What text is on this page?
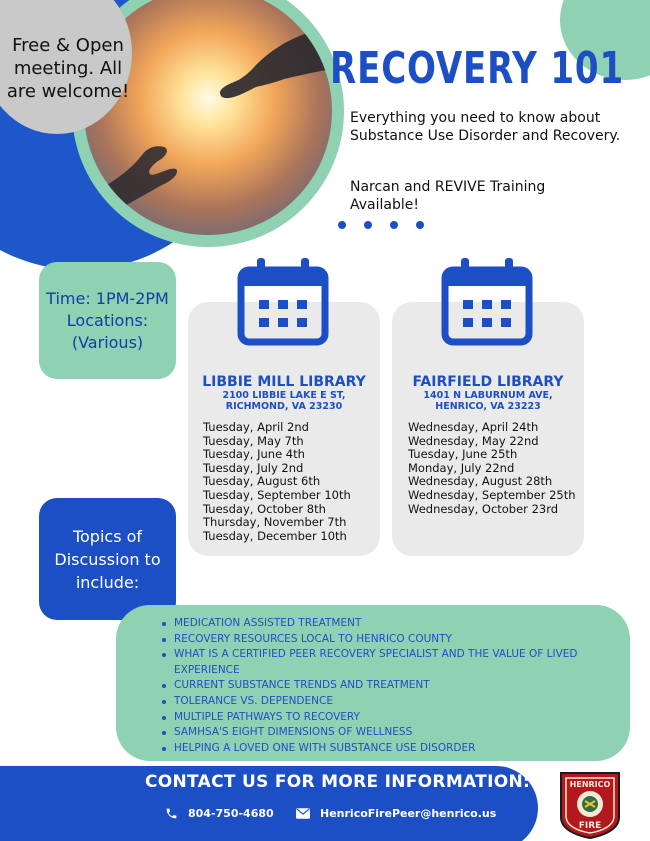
Free & Open meeting. All are welcome!	RECOVERY 101

Everything you need to know about Substance Use Disorder and Recovery.

Narcan and REVIVE Training Available!

Time: 1PM-2PM
Locations:
(Various)
LIBBIE MILL LIBRARY
2100 LIBBIE LAKE E ST,
RICHMOND, VA 23230
Tuesday, April 2nd
Tuesday, May 7th
Tuesday, June 4th
Tuesday, July 2nd
Tuesday, August 6th
Tuesday, September 10th
Tuesday, October 8th
Thursday, November 7th
Tuesday, December 10th
FAIRFIELD LIBRARY
1401 N LABURNUM AVE,
HENRICO, VA 23223
Wednesday, April 24th
Wednesday, May 22nd
Tuesday, June 25th
Monday, July 22nd
Wednesday, August 28th
Wednesday, September 25th
Wednesday, October 23rd
Topics of Discussion to include:
MEDICATION ASSISTED TREATMENT
RECOVERY RESOURCES LOCAL TO HENRICO COUNTY
WHAT IS A CERTIFIED PEER RECOVERY SPECIALIST AND THE VALUE OF LIVED EXPERIENCE
CURRENT SUBSTANCE TRENDS AND TREATMENT
TOLERANCE VS. DEPENDENCE
MULTIPLE PATHWAYS TO RECOVERY
SAMHSA'S EIGHT DIMENSIONS OF WELLNESS
HELPING A LOVED ONE WITH SUBSTANCE USE DISORDER
CONTACT US FOR MORE INFORMATION:
804-750-4680	HenricoFirePeer@henrico.us
HENRICO
FIRE
